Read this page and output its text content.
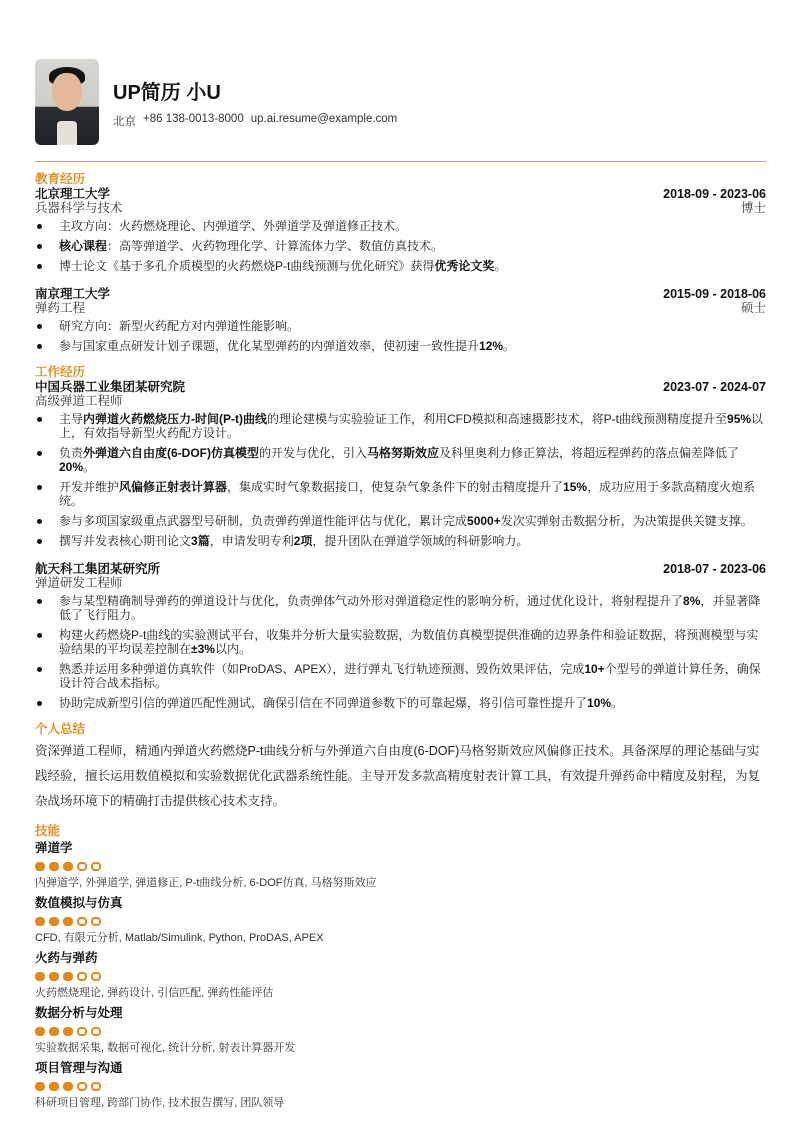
UP简历 小U
北京 +86 138-0013-8000 up.ai.resume@example.com
教育经历
北京理工大学	2018-09 - 2023-06
兵器科学与技术	博士
主攻方向：火药燃烧理论、内弹道学、外弹道学及弹道修正技术。
核心课程：高等弹道学、火药物理化学、计算流体力学、数值仿真技术。
博士论文《基于多孔介质模型的火药燃烧P-t曲线预测与优化研究》获得优秀论文奖。
南京理工大学	2015-09 - 2018-06
弹药工程	硕士
研究方向：新型火药配方对内弹道性能影响。
参与国家重点研发计划子课题，优化某型弹药的内弹道效率，使初速一致性提升12%。
工作经历
中国兵器工业集团某研究院	2023-07 - 2024-07
高级弹道工程师
主导内弹道火药燃烧压力-时间(P-t)曲线的理论建模与实验验证工作，利用CFD模拟和高速摄影技术，将P-t曲线预测精度提升至95%以上，有效指导新型火药配方设计。
负责外弹道六自由度(6-DOF)仿真模型的开发与优化，引入马格努斯效应及科里奥利力修正算法，将超远程弹药的落点偏差降低了20%。
开发并维护风偏修正射表计算器，集成实时气象数据接口，使复杂气象条件下的射击精度提升了15%，成功应用于多款高精度火炮系统。
参与多项国家级重点武器型号研制，负责弹药弹道性能评估与优化，累计完成5000+发次实弹射击数据分析，为决策提供关键支撑。
撰写并发表核心期刊论文3篇，申请发明专利2项，提升团队在弹道学领域的科研影响力。
航天科工集团某研究所	2018-07 - 2023-06
弹道研发工程师
参与某型精确制导弹药的弹道设计与优化，负责弹体气动外形对弹道稳定性的影响分析，通过优化设计，将射程提升了8%，并显著降低了飞行阻力。
构建火药燃烧P-t曲线的实验测试平台，收集并分析大量实验数据，为数值仿真模型提供准确的边界条件和验证数据，将预测模型与实验结果的平均误差控制在±3%以内。
熟悉并运用多种弹道仿真软件（如ProDAS、APEX），进行弹丸飞行轨迹预测、毁伤效果评估，完成10+个型号的弹道计算任务，确保设计符合战术指标。
协助完成新型引信的弹道匹配性测试，确保引信在不同弹道参数下的可靠起爆，将引信可靠性提升了10%。
个人总结
资深弹道工程师，精通内弹道火药燃烧P-t曲线分析与外弹道六自由度(6-DOF)马格努斯效应风偏修正技术。具备深厚的理论基础与实践经验，擅长运用数值模拟和实验数据优化武器系统性能。主导开发多款高精度射表计算工具，有效提升弹药命中精度及射程，为复杂战场环境下的精确打击提供核心技术支持。
技能
弹道学
内弹道学, 外弹道学, 弹道修正, P-t曲线分析, 6-DOF仿真, 马格努斯效应
数值模拟与仿真
CFD, 有限元分析, Matlab/Simulink, Python, ProDAS, APEX
火药与弹药
火药燃烧理论, 弹药设计, 引信匹配, 弹药性能评估
数据分析与处理
实验数据采集, 数据可视化, 统计分析, 射表计算器开发
项目管理与沟通
科研项目管理, 跨部门协作, 技术报告撰写, 团队领导
